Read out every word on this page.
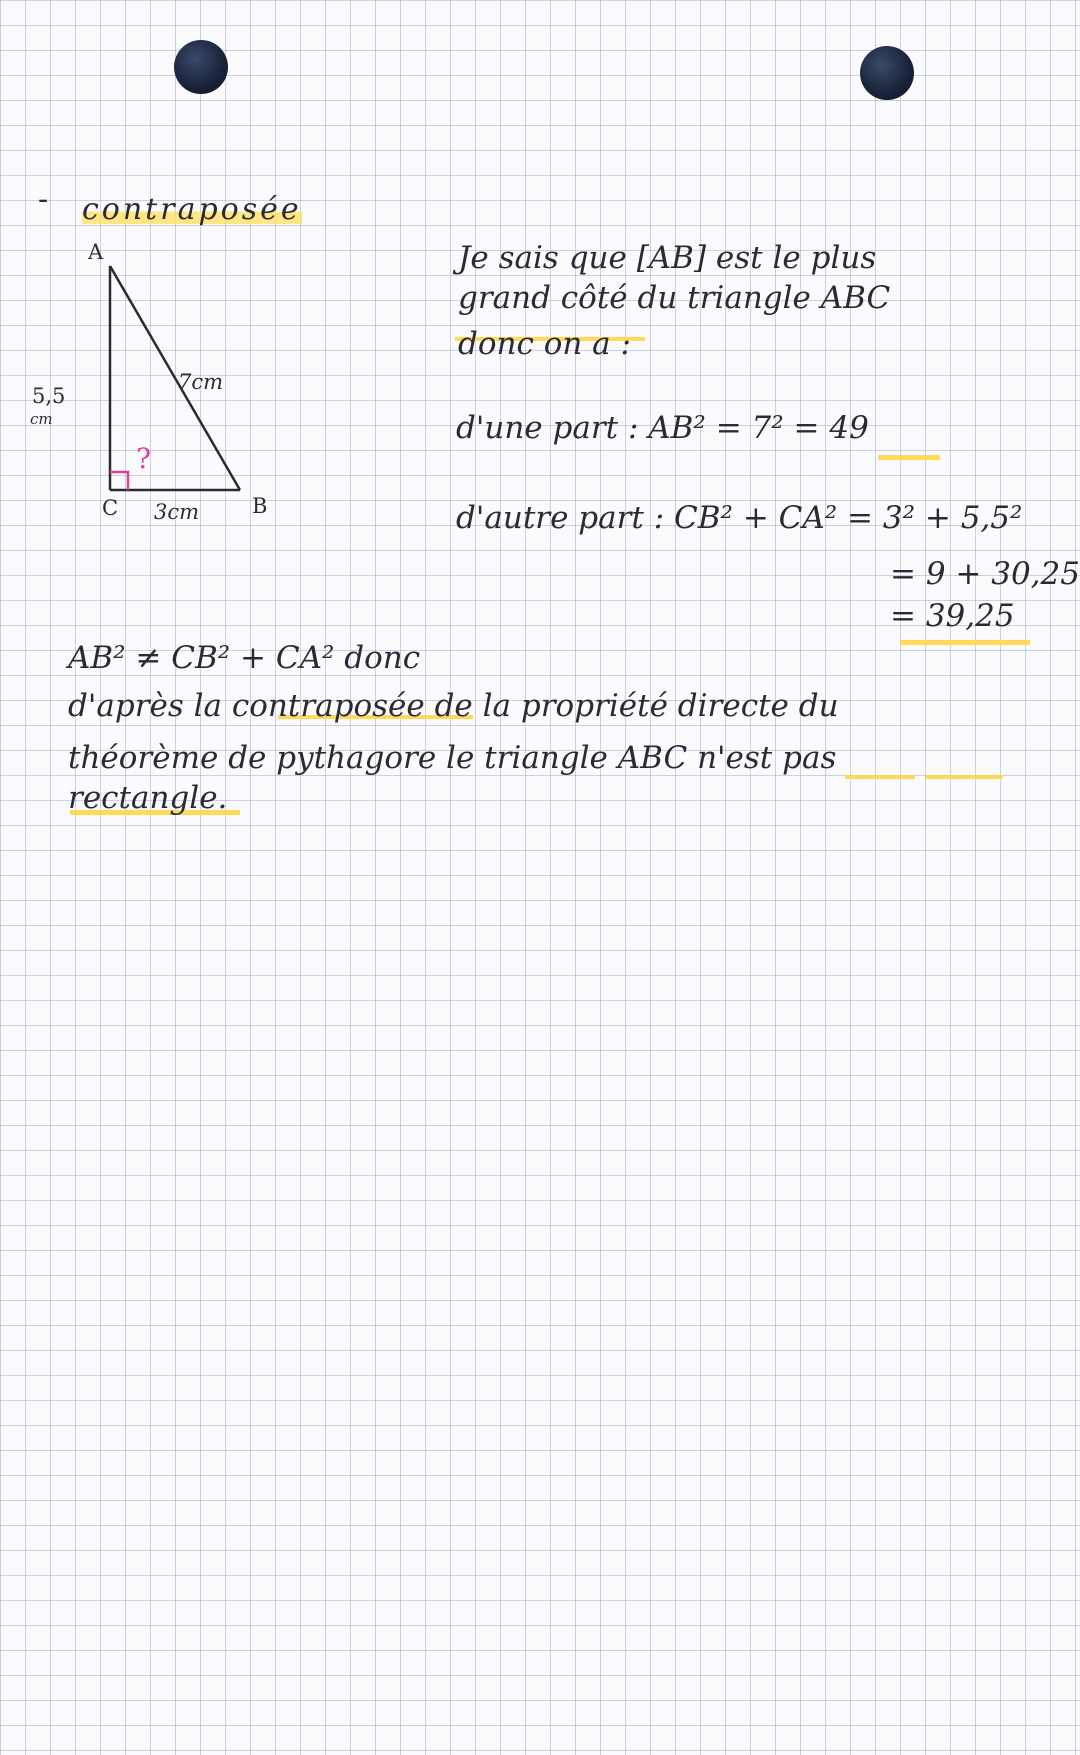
- contraposée
A
B
C
7cm
5,5
cm
3cm
?
Je sais que [AB] est le plus
grand côté du triangle ABC
donc on a :
d'une part : AB² = 7² = 49
d'autre part : CB² + CA² = 3² + 5,5²
= 9 + 30,25
= 39,25
AB² ≠ CB² + CA² donc
d'après la contraposée de la propriété directe du
théorème de pythagore le triangle ABC n'est pas
rectangle.
